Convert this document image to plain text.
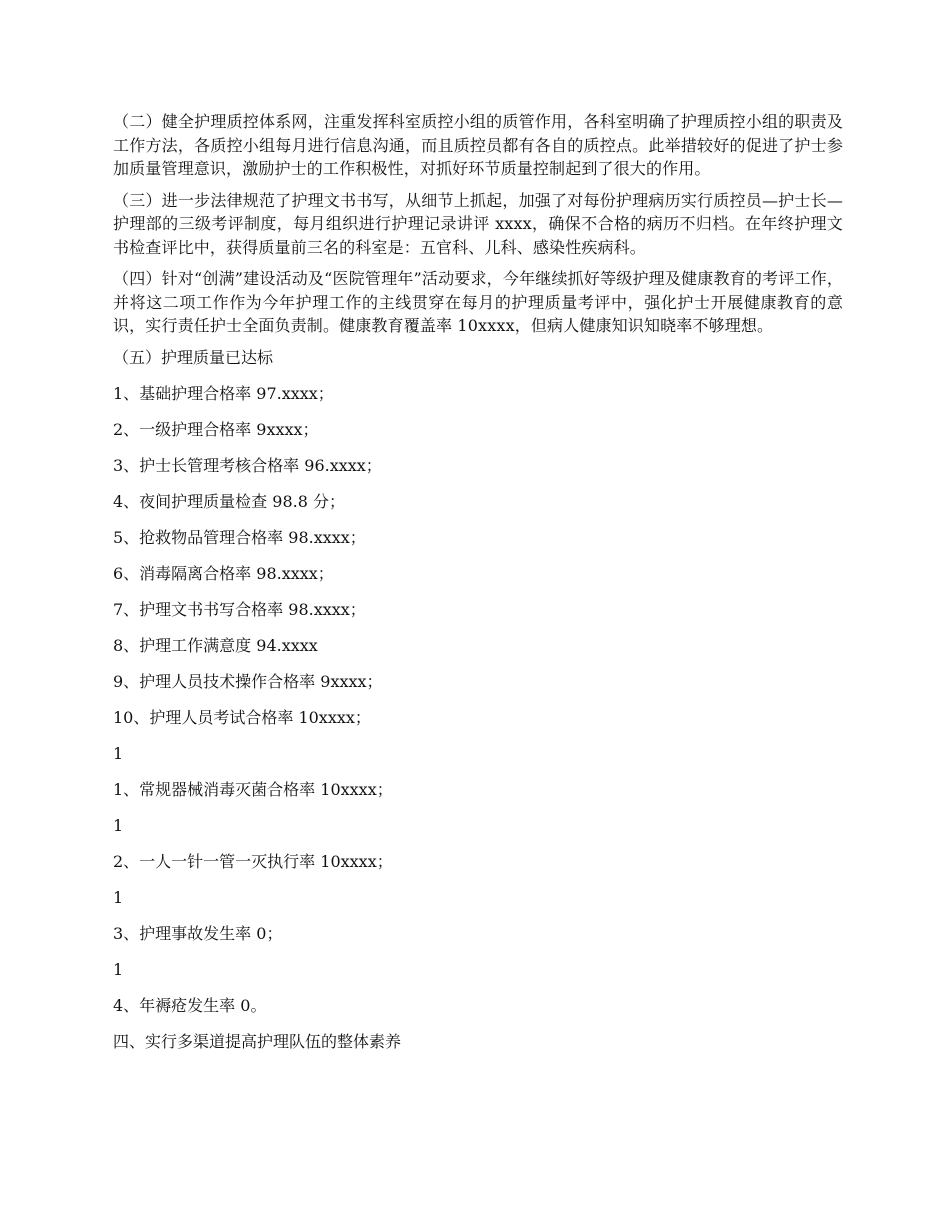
（二）健全护理质控体系网，注重发挥科室质控小组的质管作用，各科室明确了护理质控小组的职责及工作方法，各质控小组每月进行信息沟通，而且质控员都有各自的质控点。此举措较好的促进了护士参加质量管理意识，激励护士的工作积极性，对抓好环节质量控制起到了很大的作用。

（三）进一步法律规范了护理文书书写，从细节上抓起，加强了对每份护理病历实行质控员—护士长—护理部的三级考评制度，每月组织进行护理记录讲评 xxxx，确保不合格的病历不归档。在年终护理文书检查评比中，获得质量前三名的科室是：五官科、儿科、感染性疾病科。

（四）针对“创满”建设活动及“医院管理年”活动要求，今年继续抓好等级护理及健康教育的考评工作，并将这二项工作作为今年护理工作的主线贯穿在每月的护理质量考评中，强化护士开展健康教育的意识，实行责任护士全面负责制。健康教育覆盖率 10xxxx，但病人健康知识知晓率不够理想。

（五）护理质量已达标

1、基础护理合格率 97.xxxx；

2、一级护理合格率 9xxxx；

3、护士长管理考核合格率 96.xxxx；

4、夜间护理质量检查 98.8 分；

5、抢救物品管理合格率 98.xxxx；

6、消毒隔离合格率 98.xxxx；

7、护理文书书写合格率 98.xxxx；

8、护理工作满意度 94.xxxx

9、护理人员技术操作合格率 9xxxx；

10、护理人员考试合格率 10xxxx；

1

1、常规器械消毒灭菌合格率 10xxxx；

1

2、一人一针一管一灭执行率 10xxxx；

1

3、护理事故发生率 0；

1

4、年褥疮发生率 0。

四、实行多渠道提高护理队伍的整体素养
